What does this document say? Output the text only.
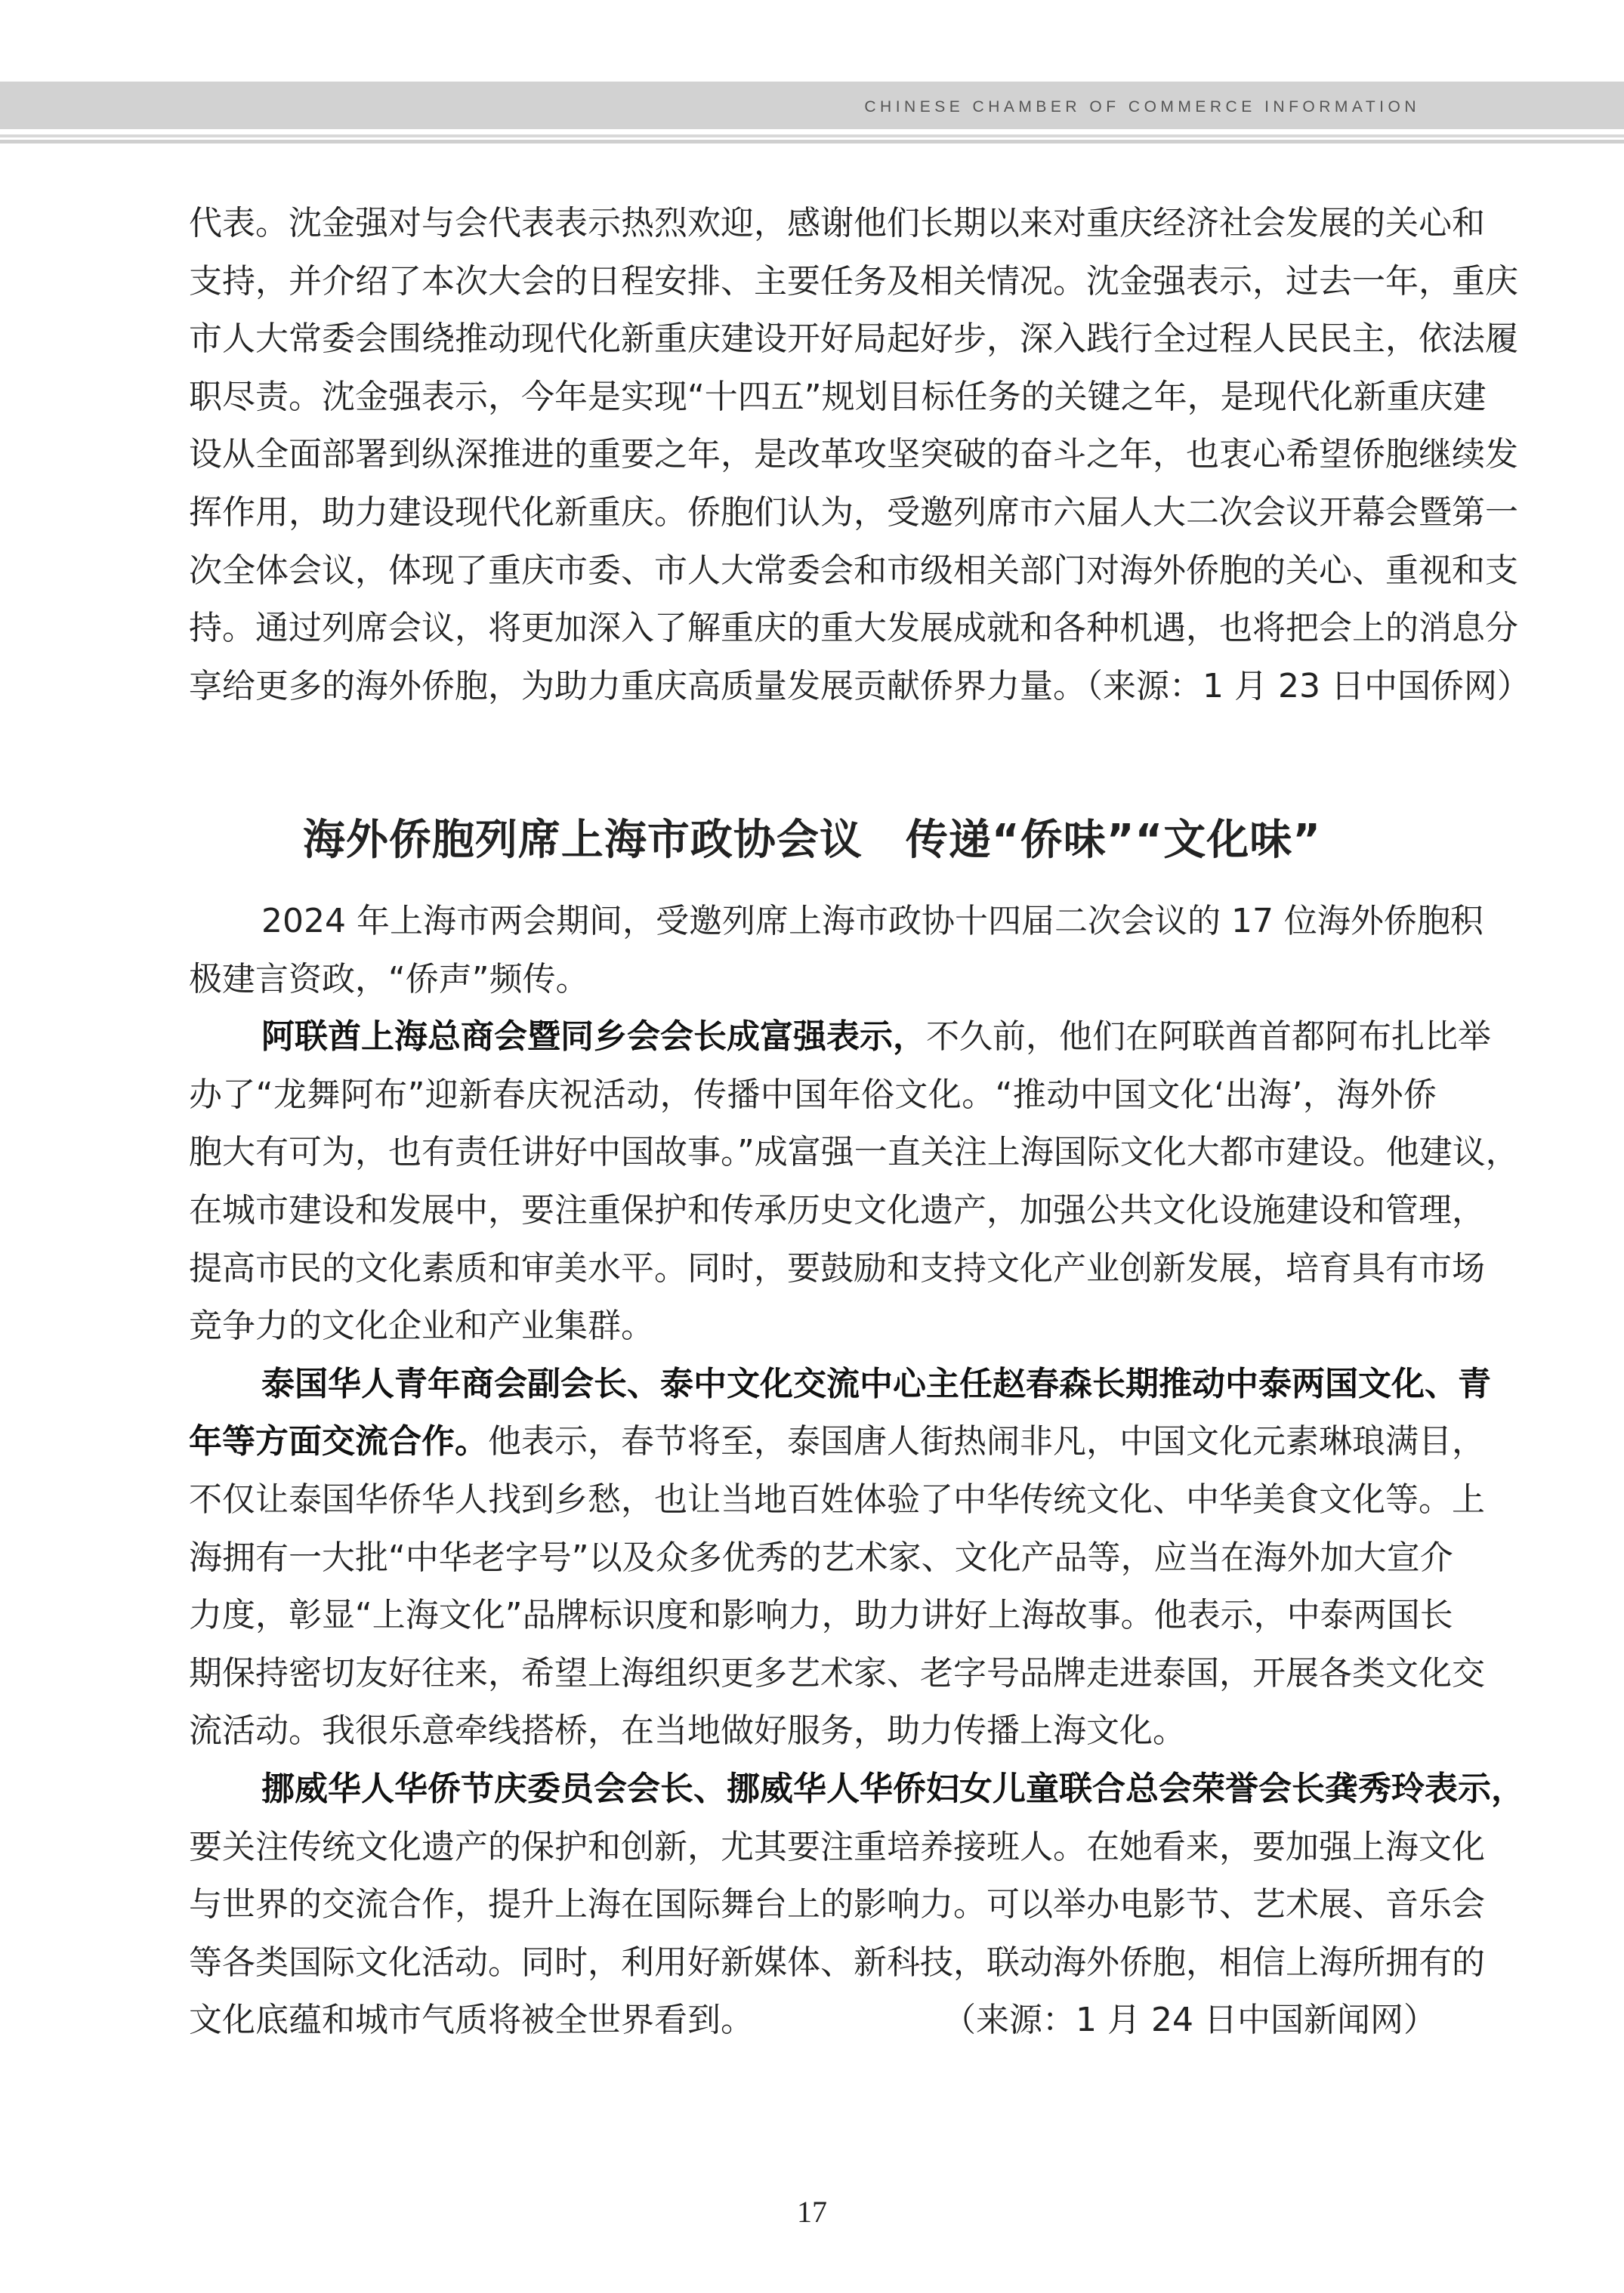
CHINESE CHAMBER OF COMMERCE INFORMATION
代表。沈金强对与会代表表示热烈欢迎，感谢他们长期以来对重庆经济社会发展的关心和
支持，并介绍了本次大会的日程安排、主要任务及相关情况。沈金强表示，过去一年，重庆
市人大常委会围绕推动现代化新重庆建设开好局起好步，深入践行全过程人民民主，依法履
职尽责。沈金强表示，今年是实现“十四五”规划目标任务的关键之年，是现代化新重庆建
设从全面部署到纵深推进的重要之年，是改革攻坚突破的奋斗之年，也衷心希望侨胞继续发
挥作用，助力建设现代化新重庆。侨胞们认为，受邀列席市六届人大二次会议开幕会暨第一
次全体会议，体现了重庆市委、市人大常委会和市级相关部门对海外侨胞的关心、重视和支
持。通过列席会议，将更加深入了解重庆的重大发展成就和各种机遇，也将把会上的消息分
享给更多的海外侨胞，为助力重庆高质量发展贡献侨界力量。（来源：1 月 23 日中国侨网）
海外侨胞列席上海市政协会议　传递“侨味”“文化味”
2024 年上海市两会期间，受邀列席上海市政协十四届二次会议的 17 位海外侨胞积
极建言资政，“侨声”频传。
阿联酋上海总商会暨同乡会会长成富强表示，不久前，他们在阿联酋首都阿布扎比举
办了“龙舞阿布”迎新春庆祝活动，传播中国年俗文化。“推动中国文化‘出海’，海外侨
胞大有可为，也有责任讲好中国故事。”成富强一直关注上海国际文化大都市建设。他建议，
在城市建设和发展中，要注重保护和传承历史文化遗产，加强公共文化设施建设和管理，
提高市民的文化素质和审美水平。同时，要鼓励和支持文化产业创新发展，培育具有市场
竞争力的文化企业和产业集群。
泰国华人青年商会副会长、泰中文化交流中心主任赵春森长期推动中泰两国文化、青
年等方面交流合作。他表示，春节将至，泰国唐人街热闹非凡，中国文化元素琳琅满目，
不仅让泰国华侨华人找到乡愁，也让当地百姓体验了中华传统文化、中华美食文化等。上
海拥有一大批“中华老字号”以及众多优秀的艺术家、文化产品等，应当在海外加大宣介
力度，彰显“上海文化”品牌标识度和影响力，助力讲好上海故事。他表示，中泰两国长
期保持密切友好往来，希望上海组织更多艺术家、老字号品牌走进泰国，开展各类文化交
流活动。我很乐意牵线搭桥，在当地做好服务，助力传播上海文化。
挪威华人华侨节庆委员会会长、挪威华人华侨妇女儿童联合总会荣誉会长龚秀玲表示，
要关注传统文化遗产的保护和创新，尤其要注重培养接班人。在她看来，要加强上海文化
与世界的交流合作，提升上海在国际舞台上的影响力。可以举办电影节、艺术展、音乐会
等各类国际文化活动。同时，利用好新媒体、新科技，联动海外侨胞，相信上海所拥有的
文化底蕴和城市气质将被全世界看到。	（来源：1 月 24 日中国新闻网）
17
